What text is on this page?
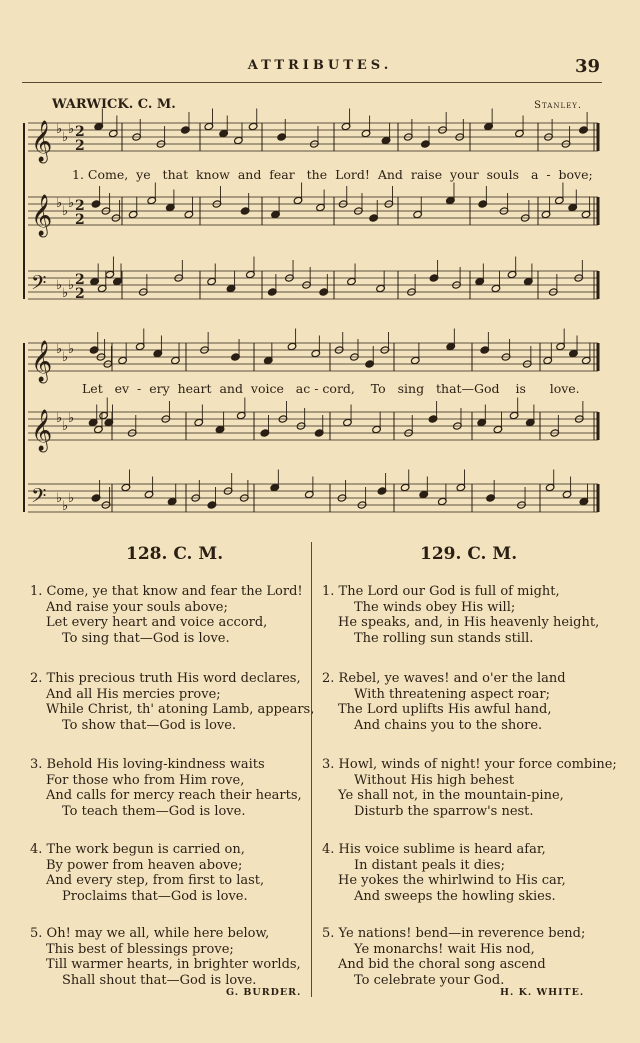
ATTRIBUTES.	39
WARWICK. C. M.	Stanley.
𝄞 ♭
♭
♭ 2
2
𝄞 ♭
♭
♭ 2
2
𝄢 ♭
♭
♭ 2
2
𝄞 ♭
♭
♭
𝄞 ♭
♭
♭
𝄢 ♭
♭
♭
1. Come,  ye   that  know  and  fear   the  Lord!  And  raise  your  souls   a  -  bove;
Let   ev  -  ery  heart  and  voice   ac - cord,    To   sing   that—God    is      love.
128. C. M.
1. Come, ye that know and fear the Lord!
And raise your souls above;
Let every heart and voice accord,
To sing that—God is love.
2. This precious truth His word declares,
And all His mercies prove;
While Christ, th' atoning Lamb, appears,
To show that—God is love.
3. Behold His loving-kindness waits
For those who from Him rove,
And calls for mercy reach their hearts,
To teach them—God is love.
4. The work begun is carried on,
By power from heaven above;
And every step, from first to last,
Proclaims that—God is love.
5. Oh! may we all, while here below,
This best of blessings prove;
Till warmer hearts, in brighter worlds,
Shall shout that—God is love.
G. BURDER.
129. C. M.
1. The Lord our God is full of might,
The winds obey His will;
He speaks, and, in His heavenly height,
The rolling sun stands still.
2. Rebel, ye waves! and o'er the land
With threatening aspect roar;
The Lord uplifts His awful hand,
And chains you to the shore.
3. Howl, winds of night! your force combine;
Without His high behest
Ye shall not, in the mountain-pine,
Disturb the sparrow's nest.
4. His voice sublime is heard afar,
In distant peals it dies;
He yokes the whirlwind to His car,
And sweeps the howling skies.
5. Ye nations! bend—in reverence bend;
Ye monarchs! wait His nod,
And bid the choral song ascend
To celebrate your God.
H. K. WHITE.
